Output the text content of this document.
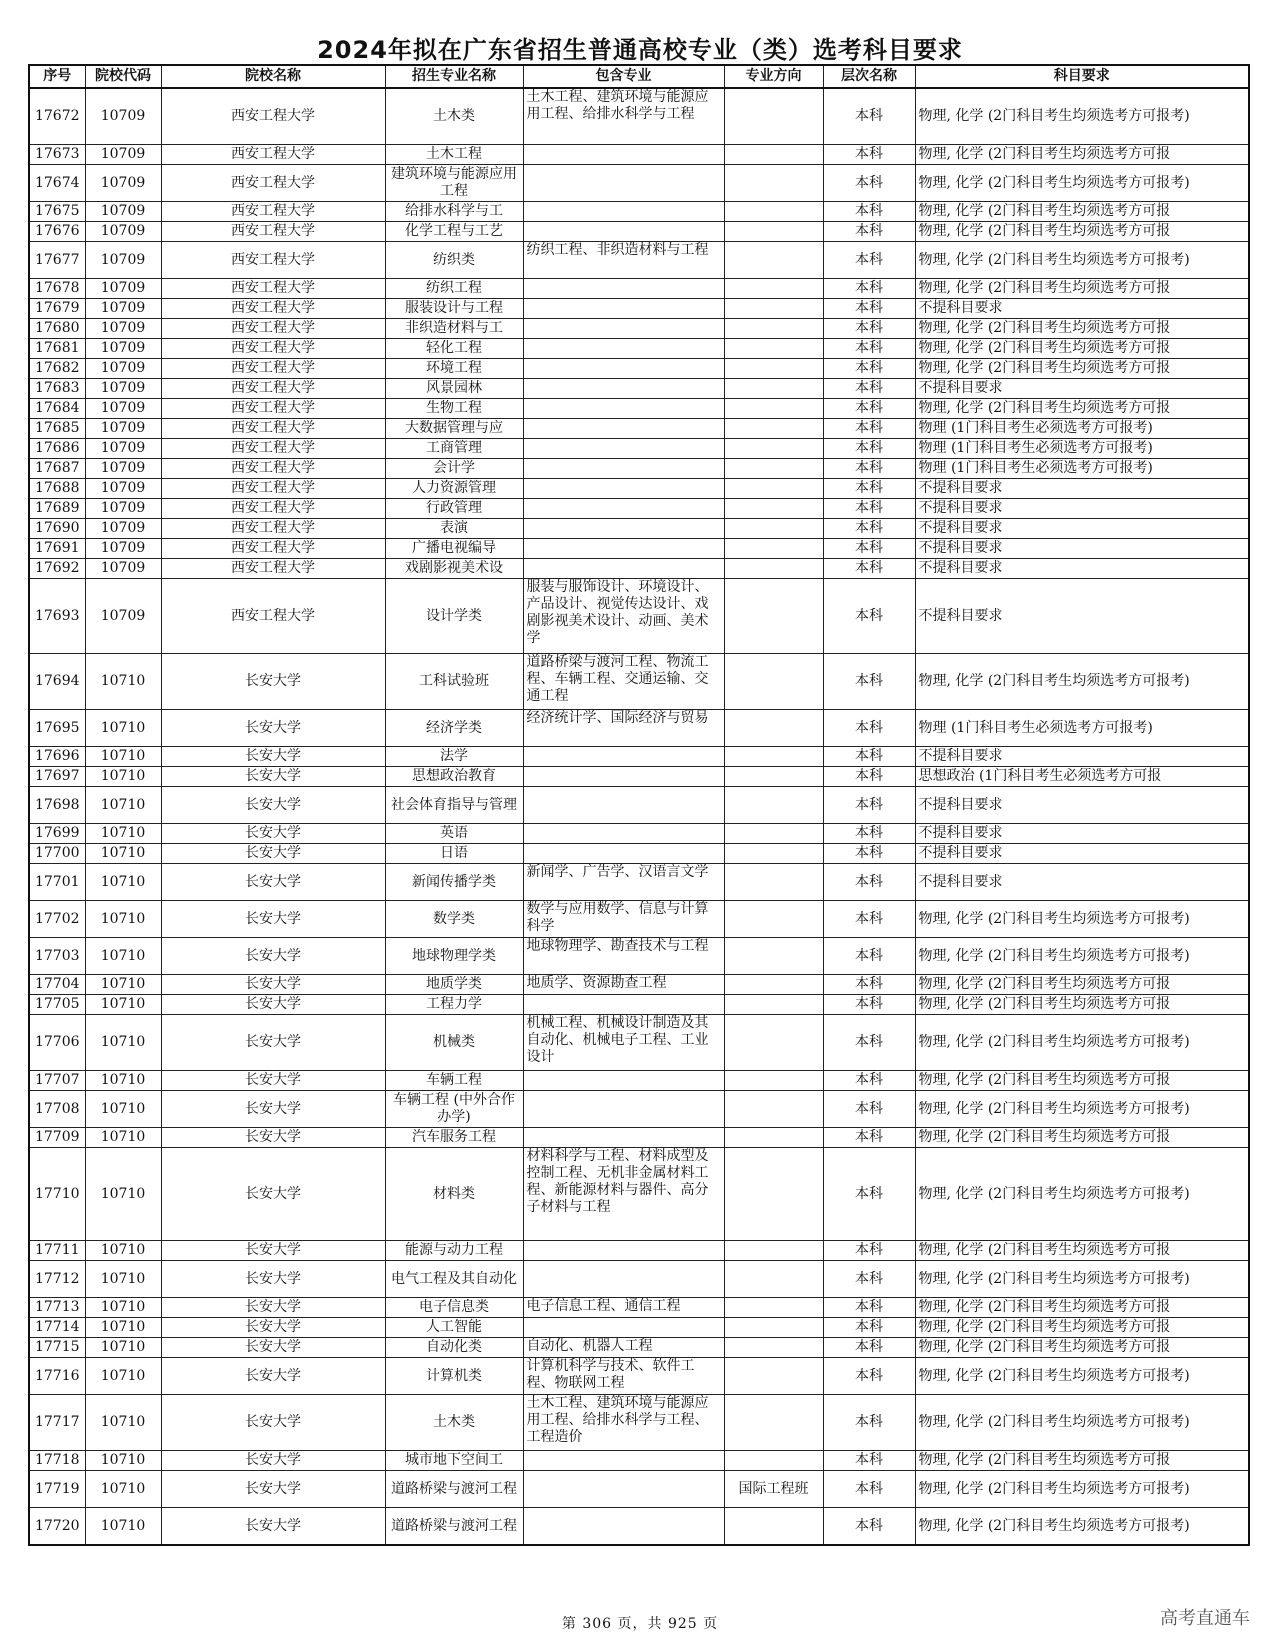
2024年拟在广东省招生普通高校专业（类）选考科目要求
序号	院校代码	院校名称	招生专业名称	包含专业	专业方向	层次名称	科目要求
17672	10709	西安工程大学	土木类	土木工程、建筑环境与能源应用工程、给排水科学与工程		本科	物理, 化学 (2门科目考生均须选考方可报考)
17673	10709	西安工程大学	土木工程			本科	物理, 化学 (2门科目考生均须选考方可报
17674	10709	西安工程大学	建筑环境与能源应用工程			本科	物理, 化学 (2门科目考生均须选考方可报考)
17675	10709	西安工程大学	给排水科学与工			本科	物理, 化学 (2门科目考生均须选考方可报
17676	10709	西安工程大学	化学工程与工艺			本科	物理, 化学 (2门科目考生均须选考方可报
17677	10709	西安工程大学	纺织类	纺织工程、非织造材料与工程		本科	物理, 化学 (2门科目考生均须选考方可报考)
17678	10709	西安工程大学	纺织工程			本科	物理, 化学 (2门科目考生均须选考方可报
17679	10709	西安工程大学	服装设计与工程			本科	不提科目要求
17680	10709	西安工程大学	非织造材料与工			本科	物理, 化学 (2门科目考生均须选考方可报
17681	10709	西安工程大学	轻化工程			本科	物理, 化学 (2门科目考生均须选考方可报
17682	10709	西安工程大学	环境工程			本科	物理, 化学 (2门科目考生均须选考方可报
17683	10709	西安工程大学	风景园林			本科	不提科目要求
17684	10709	西安工程大学	生物工程			本科	物理, 化学 (2门科目考生均须选考方可报
17685	10709	西安工程大学	大数据管理与应			本科	物理 (1门科目考生必须选考方可报考)
17686	10709	西安工程大学	工商管理			本科	物理 (1门科目考生必须选考方可报考)
17687	10709	西安工程大学	会计学			本科	物理 (1门科目考生必须选考方可报考)
17688	10709	西安工程大学	人力资源管理			本科	不提科目要求
17689	10709	西安工程大学	行政管理			本科	不提科目要求
17690	10709	西安工程大学	表演			本科	不提科目要求
17691	10709	西安工程大学	广播电视编导			本科	不提科目要求
17692	10709	西安工程大学	戏剧影视美术设			本科	不提科目要求
17693	10709	西安工程大学	设计学类	服装与服饰设计、环境设计、产品设计、视觉传达设计、戏剧影视美术设计、动画、美术学		本科	不提科目要求
17694	10710	长安大学	工科试验班	道路桥梁与渡河工程、物流工程、车辆工程、交通运输、交通工程		本科	物理, 化学 (2门科目考生均须选考方可报考)
17695	10710	长安大学	经济学类	经济统计学、国际经济与贸易		本科	物理 (1门科目考生必须选考方可报考)
17696	10710	长安大学	法学			本科	不提科目要求
17697	10710	长安大学	思想政治教育			本科	思想政治 (1门科目考生必须选考方可报
17698	10710	长安大学	社会体育指导与管理			本科	不提科目要求
17699	10710	长安大学	英语			本科	不提科目要求
17700	10710	长安大学	日语			本科	不提科目要求
17701	10710	长安大学	新闻传播学类	新闻学、广告学、汉语言文学		本科	不提科目要求
17702	10710	长安大学	数学类	数学与应用数学、信息与计算科学		本科	物理, 化学 (2门科目考生均须选考方可报考)
17703	10710	长安大学	地球物理学类	地球物理学、勘查技术与工程		本科	物理, 化学 (2门科目考生均须选考方可报考)
17704	10710	长安大学	地质学类	地质学、资源勘查工程		本科	物理, 化学 (2门科目考生均须选考方可报
17705	10710	长安大学	工程力学			本科	物理, 化学 (2门科目考生均须选考方可报
17706	10710	长安大学	机械类	机械工程、机械设计制造及其自动化、机械电子工程、工业设计		本科	物理, 化学 (2门科目考生均须选考方可报考)
17707	10710	长安大学	车辆工程			本科	物理, 化学 (2门科目考生均须选考方可报
17708	10710	长安大学	车辆工程 (中外合作办学)			本科	物理, 化学 (2门科目考生均须选考方可报考)
17709	10710	长安大学	汽车服务工程			本科	物理, 化学 (2门科目考生均须选考方可报
17710	10710	长安大学	材料类	材料科学与工程、材料成型及控制工程、无机非金属材料工程、新能源材料与器件、高分子材料与工程		本科	物理, 化学 (2门科目考生均须选考方可报考)
17711	10710	长安大学	能源与动力工程			本科	物理, 化学 (2门科目考生均须选考方可报
17712	10710	长安大学	电气工程及其自动化			本科	物理, 化学 (2门科目考生均须选考方可报考)
17713	10710	长安大学	电子信息类	电子信息工程、通信工程		本科	物理, 化学 (2门科目考生均须选考方可报
17714	10710	长安大学	人工智能			本科	物理, 化学 (2门科目考生均须选考方可报
17715	10710	长安大学	自动化类	自动化、机器人工程		本科	物理, 化学 (2门科目考生均须选考方可报
17716	10710	长安大学	计算机类	计算机科学与技术、软件工程、物联网工程		本科	物理, 化学 (2门科目考生均须选考方可报考)
17717	10710	长安大学	土木类	土木工程、建筑环境与能源应用工程、给排水科学与工程、工程造价		本科	物理, 化学 (2门科目考生均须选考方可报考)
17718	10710	长安大学	城市地下空间工			本科	物理, 化学 (2门科目考生均须选考方可报
17719	10710	长安大学	道路桥梁与渡河工程		国际工程班	本科	物理, 化学 (2门科目考生均须选考方可报考)
17720	10710	长安大学	道路桥梁与渡河工程			本科	物理, 化学 (2门科目考生均须选考方可报考)
第 306 页，共 925 页	高考直通车
